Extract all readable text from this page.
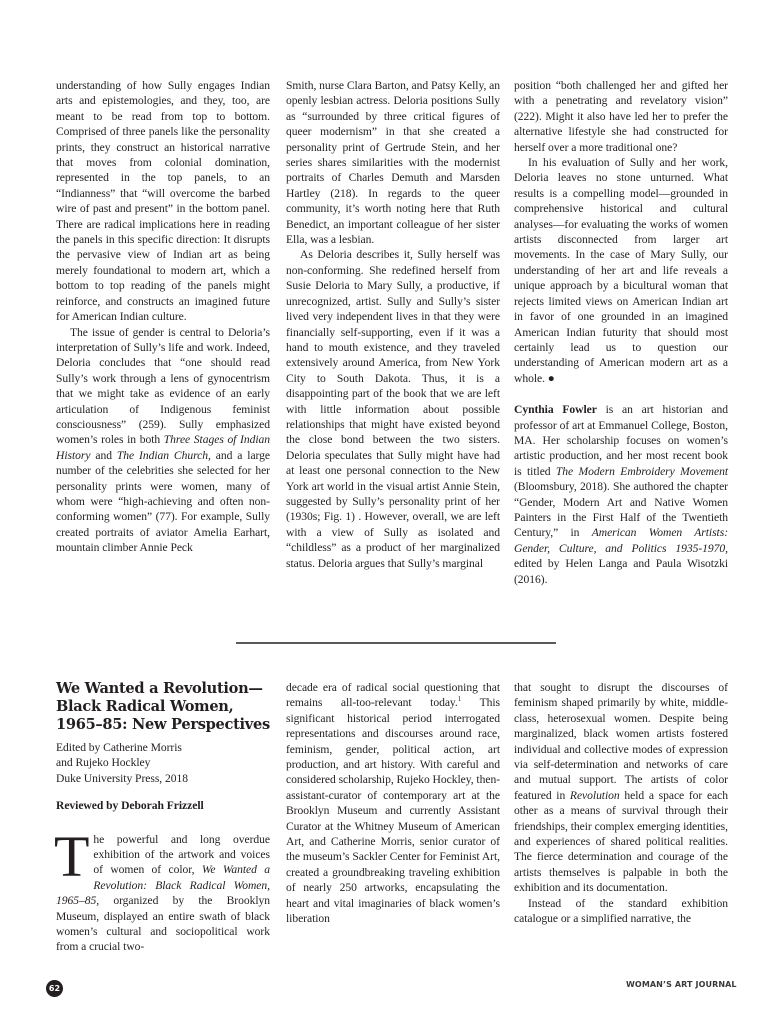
understanding of how Sully engages Indian arts and epistemologies, and they, too, are meant to be read from top to bottom. Comprised of three panels like the personality prints, they construct an historical narrative that moves from colonial domination, represented in the top panels, to an “Indianness” that “will overcome the barbed wire of past and present” in the bottom panel. There are radical implications here in reading the panels in this specific direction: It disrupts the pervasive view of Indian art as being merely foundational to modern art, which a bottom to top reading of the panels might reinforce, and constructs an imagined future for American Indian culture.

The issue of gender is central to Deloria’s interpretation of Sully’s life and work. Indeed, Deloria concludes that “one should read Sully’s work through a lens of gynocentrism that we might take as evidence of an early articulation of Indigenous feminist consciousness” (259). Sully emphasized women’s roles in both Three Stages of Indian History and The Indian Church, and a large number of the celebrities she selected for her personality prints were women, many of whom were “high-achieving and often non-conforming women” (77). For example, Sully created portraits of aviator Amelia Earhart, mountain climber Annie Peck

Smith, nurse Clara Barton, and Patsy Kelly, an openly lesbian actress. Deloria positions Sully as “surrounded by three critical figures of queer modernism” in that she created a personality print of Gertrude Stein, and her series shares similarities with the modernist portraits of Charles Demuth and Marsden Hartley (218). In regards to the queer community, it’s worth noting here that Ruth Benedict, an important colleague of her sister Ella, was a lesbian.

As Deloria describes it, Sully herself was non-conforming. She redefined herself from Susie Deloria to Mary Sully, a productive, if unrecognized, artist. Sully and Sully’s sister lived very independent lives in that they were financially self-supporting, even if it was a hand to mouth existence, and they traveled extensively around America, from New York City to South Dakota. Thus, it is a disappointing part of the book that we are left with little information about possible relationships that might have existed beyond the close bond between the two sisters. Deloria speculates that Sully might have had at least one personal connection to the New York art world in the visual artist Annie Stein, suggested by Sully’s personality print of her (1930s; Fig. 1) . However, overall, we are left with a view of Sully as isolated and “childless” as a product of her marginalized status. Deloria argues that Sully’s marginal

position “both challenged her and gifted her with a penetrating and revelatory vision” (222). Might it also have led her to prefer the alternative lifestyle she had constructed for herself over a more traditional one?

In his evaluation of Sully and her work, Deloria leaves no stone unturned. What results is a compelling model—grounded in comprehensive historical and cultural analyses—for evaluating the works of women artists disconnected from larger art movements. In the case of Mary Sully, our understanding of her art and life reveals a unique approach by a bicultural woman that rejects limited views on American Indian art in favor of one grounded in an imagined American Indian futurity that should most certainly lead us to question our understanding of American modern art as a whole. ●

Cynthia Fowler is an art historian and professor of art at Emmanuel College, Boston, MA. Her scholarship focuses on women’s artistic production, and her most recent book is titled The Modern Embroidery Movement (Bloomsbury, 2018). She authored the chapter “Gender, Modern Art and Native Women Painters in the First Half of the Twentieth Century,” in American Women Artists: Gender, Culture, and Politics 1935-1970, edited by Helen Langa and Paula Wisotzki (2016).

We Wanted a Revolution— Black Radical Women, 1965–85: New Perspectives
Edited by Catherine Morris
and Rujeko Hockley
Duke University Press, 2018

Reviewed by Deborah Frizzell

The powerful and long overdue exhibition of the artwork and voices of women of color, We Wanted a Revolution: Black Radical Women, 1965–85, organized by the Brooklyn Museum, displayed an entire swath of black women’s cultural and sociopolitical work from a crucial two-

decade era of radical social questioning that remains all-too-relevant today.$^1$ This significant historical period interrogated representations and discourses around race, feminism, gender, political action, art production, and art history. With careful and considered scholarship, Rujeko Hockley, then-assistant-curator of contemporary art at the Brooklyn Museum and currently Assistant Curator at the Whitney Museum of American Art, and Catherine Morris, senior curator of the museum’s Sackler Center for Feminist Art, created a groundbreaking traveling exhibition of nearly 250 artworks, encapsulating the heart and vital imaginaries of black women’s liberation

that sought to disrupt the discourses of feminism shaped primarily by white, middle-class, heterosexual women. Despite being marginalized, black women artists fostered individual and collective modes of expression via self-determination and networks of care and mutual support. The artists of color featured in Revolution held a space for each other as a means of survival through their friendships, their complex emerging identities, and experiences of shared political realities. The fierce determination and courage of the artists themselves is palpable in both the exhibition and its documentation.

Instead of the standard exhibition catalogue or a simplified narrative, the

62	WOMAN’S ART JOURNAL
